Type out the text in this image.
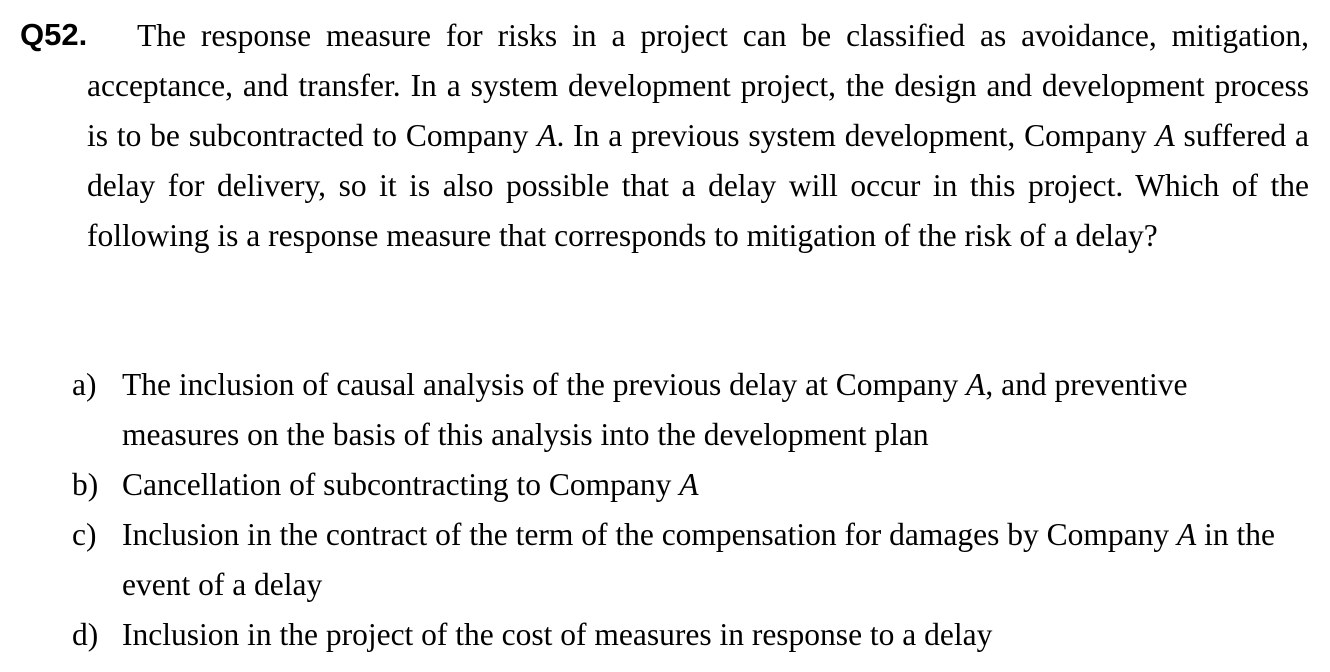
Q52.	The response measure for risks in a project can be classified as avoidance, mitigation, acceptance, and transfer. In a system development project, the design and development process is to be subcontracted to Company A. In a previous system development, Company A suffered a delay for delivery, so it is also possible that a delay will occur in this project. Which of the following is a response measure that corresponds to mitigation of the risk of a delay?
a) The inclusion of causal analysis of the previous delay at Company A, and preventive measures on the basis of this analysis into the development plan
b) Cancellation of subcontracting to Company A
c) Inclusion in the contract of the term of the compensation for damages by Company A in the event of a delay
d) Inclusion in the project of the cost of measures in response to a delay
